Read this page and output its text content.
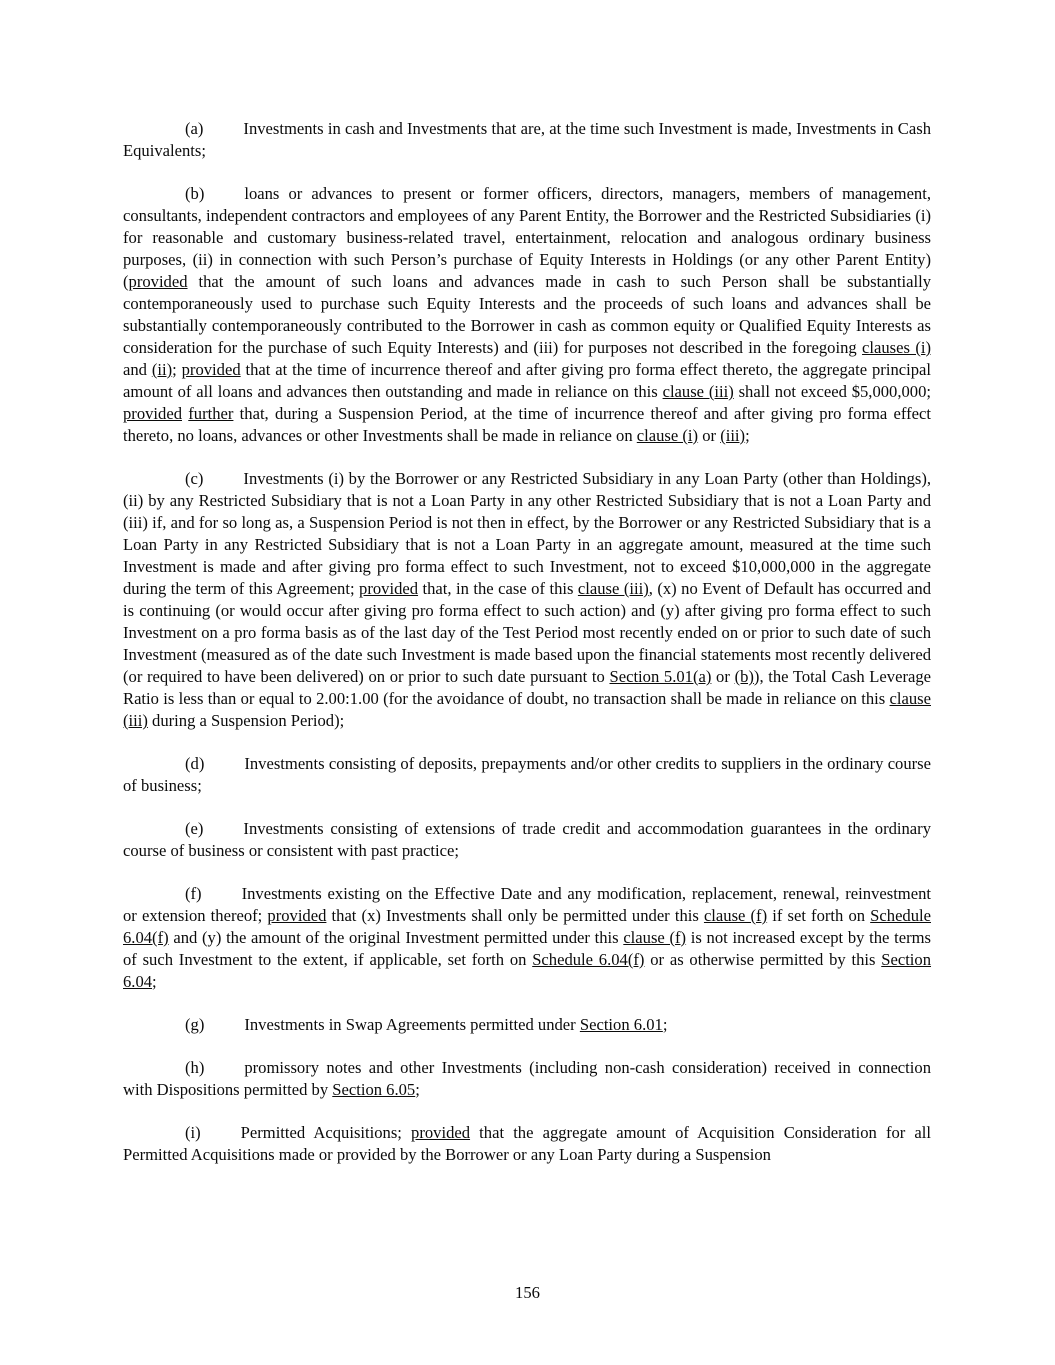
(a) Investments in cash and Investments that are, at the time such Investment is made, Investments in Cash Equivalents;

(b) loans or advances to present or former officers, directors, managers, members of management, consultants, independent contractors and employees of any Parent Entity, the Borrower and the Restricted Subsidiaries (i) for reasonable and customary business-related travel, entertainment, relocation and analogous ordinary business purposes, (ii) in connection with such Person’s purchase of Equity Interests in Holdings (or any other Parent Entity) (provided that the amount of such loans and advances made in cash to such Person shall be substantially contemporaneously used to purchase such Equity Interests and the proceeds of such loans and advances shall be substantially contemporaneously contributed to the Borrower in cash as common equity or Qualified Equity Interests as consideration for the purchase of such Equity Interests) and (iii) for purposes not described in the foregoing clauses (i) and (ii); provided that at the time of incurrence thereof and after giving pro forma effect thereto, the aggregate principal amount of all loans and advances then outstanding and made in reliance on this clause (iii) shall not exceed $5,000,000; provided further that, during a Suspension Period, at the time of incurrence thereof and after giving pro forma effect thereto, no loans, advances or other Investments shall be made in reliance on clause (i) or (iii);

(c) Investments (i) by the Borrower or any Restricted Subsidiary in any Loan Party (other than Holdings), (ii) by any Restricted Subsidiary that is not a Loan Party in any other Restricted Subsidiary that is not a Loan Party and (iii) if, and for so long as, a Suspension Period is not then in effect, by the Borrower or any Restricted Subsidiary that is a Loan Party in any Restricted Subsidiary that is not a Loan Party in an aggregate amount, measured at the time such Investment is made and after giving pro forma effect to such Investment, not to exceed $10,000,000 in the aggregate during the term of this Agreement; provided that, in the case of this clause (iii), (x) no Event of Default has occurred and is continuing (or would occur after giving pro forma effect to such action) and (y) after giving pro forma effect to such Investment on a pro forma basis as of the last day of the Test Period most recently ended on or prior to such date of such Investment (measured as of the date such Investment is made based upon the financial statements most recently delivered (or required to have been delivered) on or prior to such date pursuant to Section 5.01(a) or (b)), the Total Cash Leverage Ratio is less than or equal to 2.00:1.00 (for the avoidance of doubt, no transaction shall be made in reliance on this clause (iii) during a Suspension Period);

(d) Investments consisting of deposits, prepayments and/or other credits to suppliers in the ordinary course of business;

(e) Investments consisting of extensions of trade credit and accommodation guarantees in the ordinary course of business or consistent with past practice;

(f) Investments existing on the Effective Date and any modification, replacement, renewal, reinvestment or extension thereof; provided that (x) Investments shall only be permitted under this clause (f) if set forth on Schedule 6.04(f) and (y) the amount of the original Investment permitted under this clause (f) is not increased except by the terms of such Investment to the extent, if applicable, set forth on Schedule 6.04(f) or as otherwise permitted by this Section 6.04;

(g) Investments in Swap Agreements permitted under Section 6.01;

(h) promissory notes and other Investments (including non-cash consideration) received in connection with Dispositions permitted by Section 6.05;

(i) Permitted Acquisitions; provided that the aggregate amount of Acquisition Consideration for all Permitted Acquisitions made or provided by the Borrower or any Loan Party during a Suspension

156
